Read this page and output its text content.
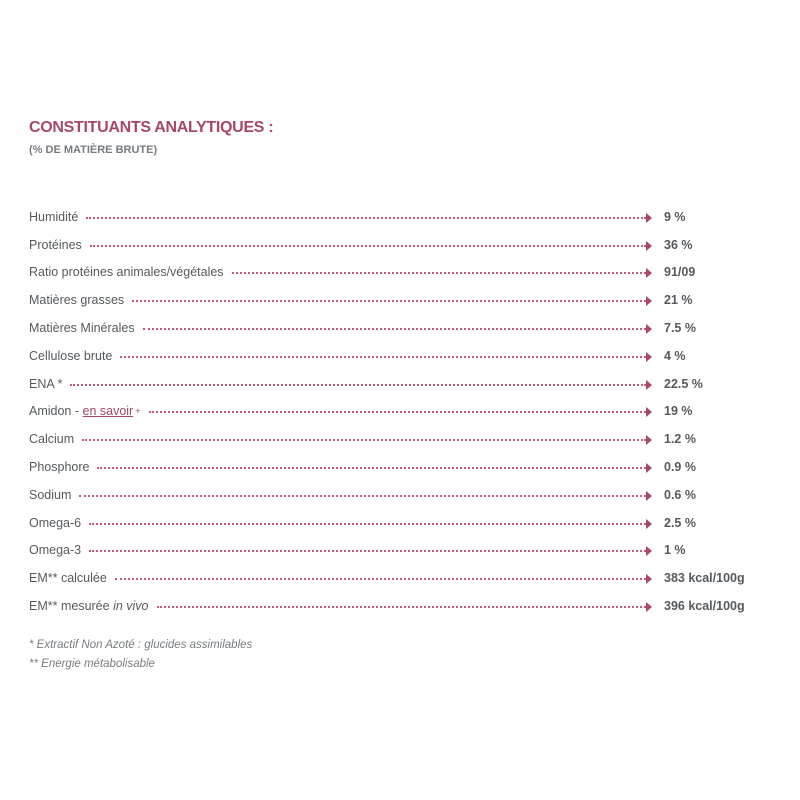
CONSTITUANTS ANALYTIQUES :
(% DE MATIÈRE BRUTE)
Humidité	9 %
Protéines	36 %
Ratio protéines animales/végétales	91/09
Matières grasses	21 %
Matières Minérales	7.5 %
Cellulose brute	4 %
ENA *	22.5 %
Amidon - en savoir +	19 %
Calcium	1.2 %
Phosphore	0.9 %
Sodium	0.6 %
Omega-6	2.5 %
Omega-3	1 %
EM** calculée	383 kcal/100g
EM** mesurée in vivo	396 kcal/100g
* Extractif Non Azoté : glucides assimilables
** Energie métabolisable
